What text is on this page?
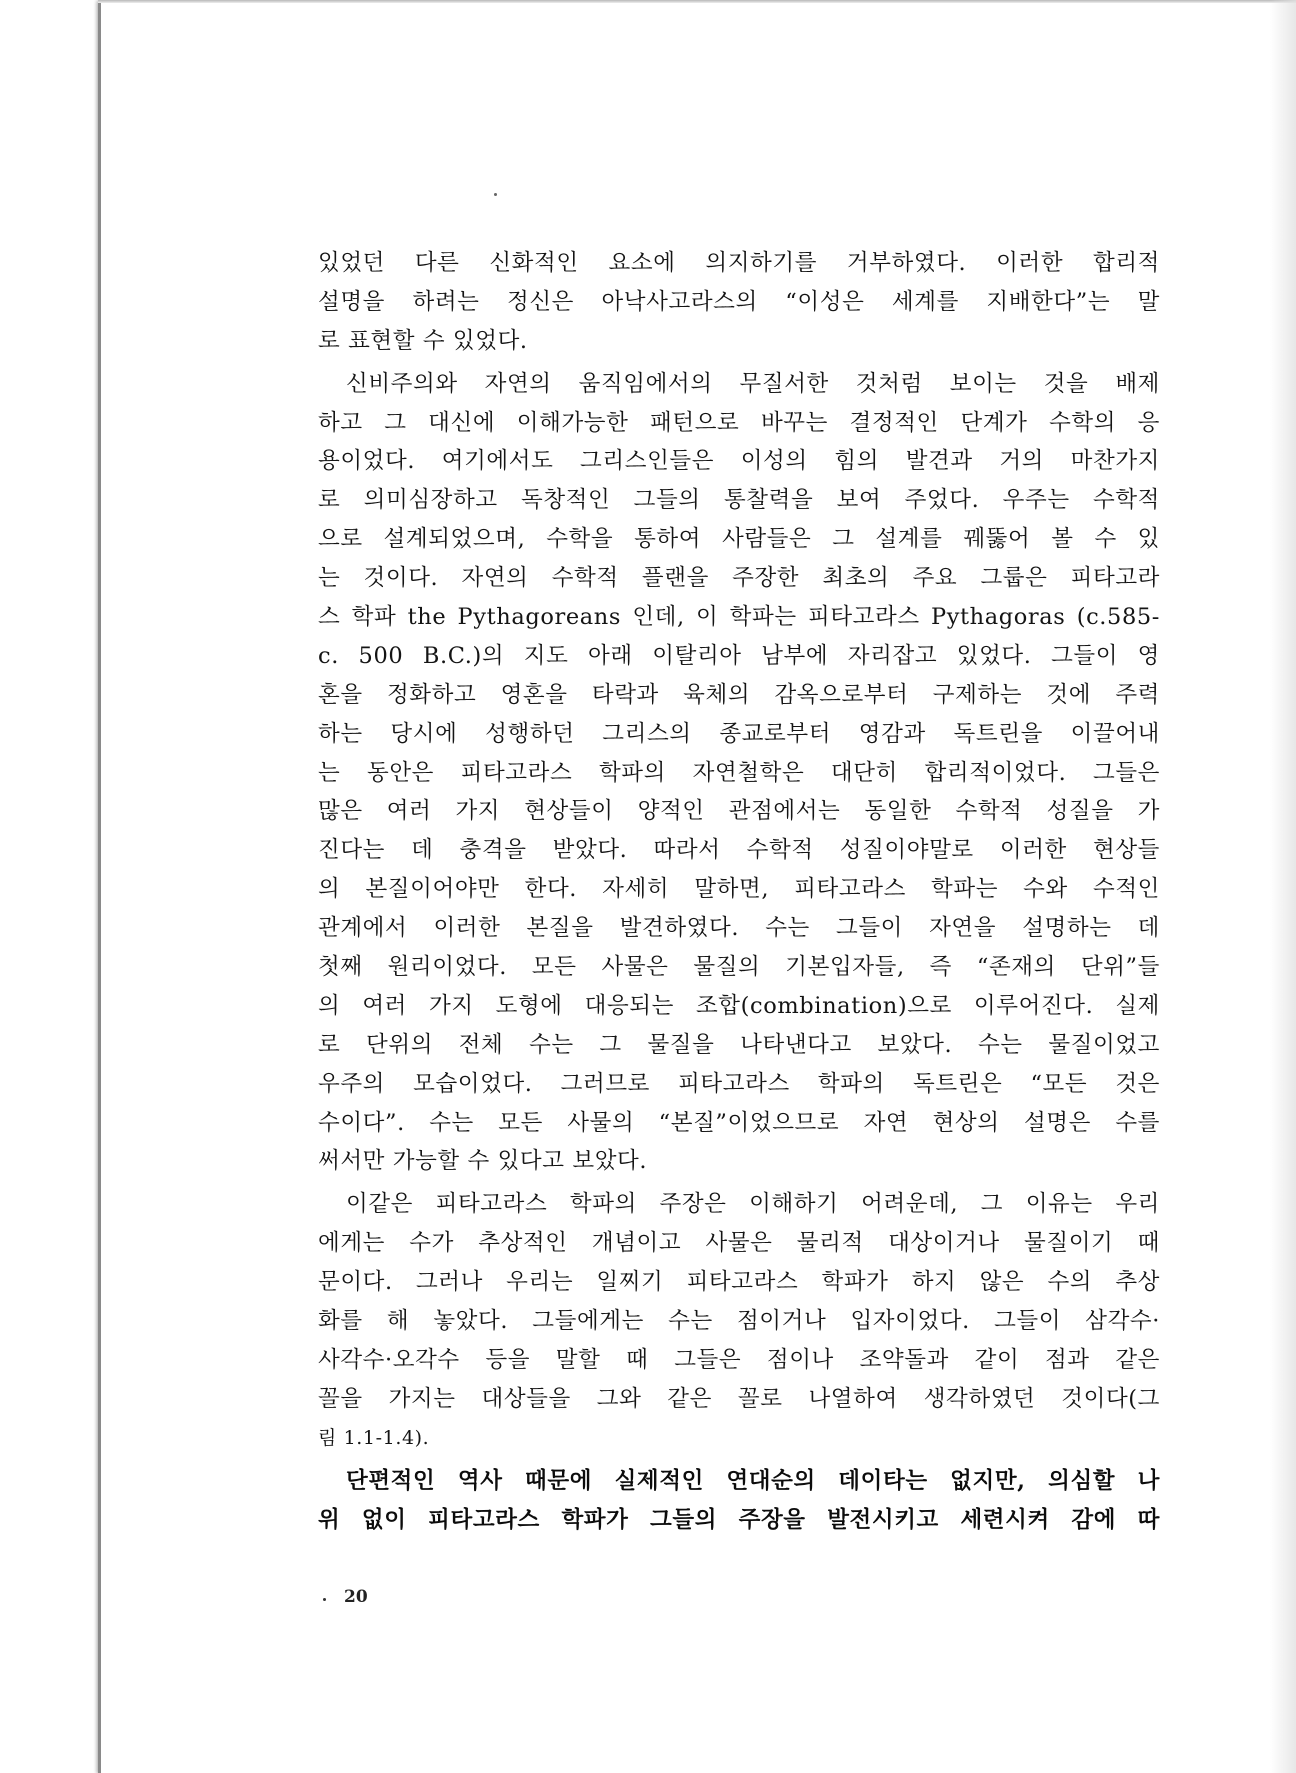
있었던 다른 신화적인 요소에 의지하기를 거부하였다. 이러한 합리적
설명을 하려는 정신은 아낙사고라스의 “이성은 세계를 지배한다”는 말
로 표현할 수 있었다.
신비주의와 자연의 움직임에서의 무질서한 것처럼 보이는 것을 배제
하고 그 대신에 이해가능한 패턴으로 바꾸는 결정적인 단계가 수학의 응
용이었다. 여기에서도 그리스인들은 이성의 힘의 발견과 거의 마찬가지
로 의미심장하고 독창적인 그들의 통찰력을 보여 주었다. 우주는 수학적
으로 설계되었으며, 수학을 통하여 사람들은 그 설계를 꿰뚫어 볼 수 있
는 것이다. 자연의 수학적 플랜을 주장한 최초의 주요 그룹은 피타고라
스 학파 the Pythagoreans 인데, 이 학파는 피타고라스 Pythagoras (c.585-
c. 500 B.C.)의 지도 아래 이탈리아 남부에 자리잡고 있었다. 그들이 영
혼을 정화하고 영혼을 타락과 육체의 감옥으로부터 구제하는 것에 주력
하는 당시에 성행하던 그리스의 종교로부터 영감과 독트린을 이끌어내
는 동안은 피타고라스 학파의 자연철학은 대단히 합리적이었다. 그들은
많은 여러 가지 현상들이 양적인 관점에서는 동일한 수학적 성질을 가
진다는 데 충격을 받았다. 따라서 수학적 성질이야말로 이러한 현상들
의 본질이어야만 한다. 자세히 말하면, 피타고라스 학파는 수와 수적인
관계에서 이러한 본질을 발견하였다. 수는 그들이 자연을 설명하는 데
첫째 원리이었다. 모든 사물은 물질의 기본입자들, 즉 “존재의 단위”들
의 여러 가지 도형에 대응되는 조합(combination)으로 이루어진다. 실제
로 단위의 전체 수는 그 물질을 나타낸다고 보았다. 수는 물질이었고
우주의 모습이었다. 그러므로 피타고라스 학파의 독트린은 “모든 것은
수이다”. 수는 모든 사물의 “본질”이었으므로 자연 현상의 설명은 수를
써서만 가능할 수 있다고 보았다.
이같은 피타고라스 학파의 주장은 이해하기 어려운데, 그 이유는 우리
에게는 수가 추상적인 개념이고 사물은 물리적 대상이거나 물질이기 때
문이다. 그러나 우리는 일찌기 피타고라스 학파가 하지 않은 수의 추상
화를 해 놓았다. 그들에게는 수는 점이거나 입자이었다. 그들이 삼각수·
사각수·오각수 등을 말할 때 그들은 점이나 조약돌과 같이 점과 같은
꼴을 가지는 대상들을 그와 같은 꼴로 나열하여 생각하였던 것이다(그
림 1.1-1.4).
단편적인 역사 때문에 실제적인 연대순의 데이타는 없지만, 의심할 나
위 없이 피타고라스 학파가 그들의 주장을 발전시키고 세련시켜 감에 따
20
